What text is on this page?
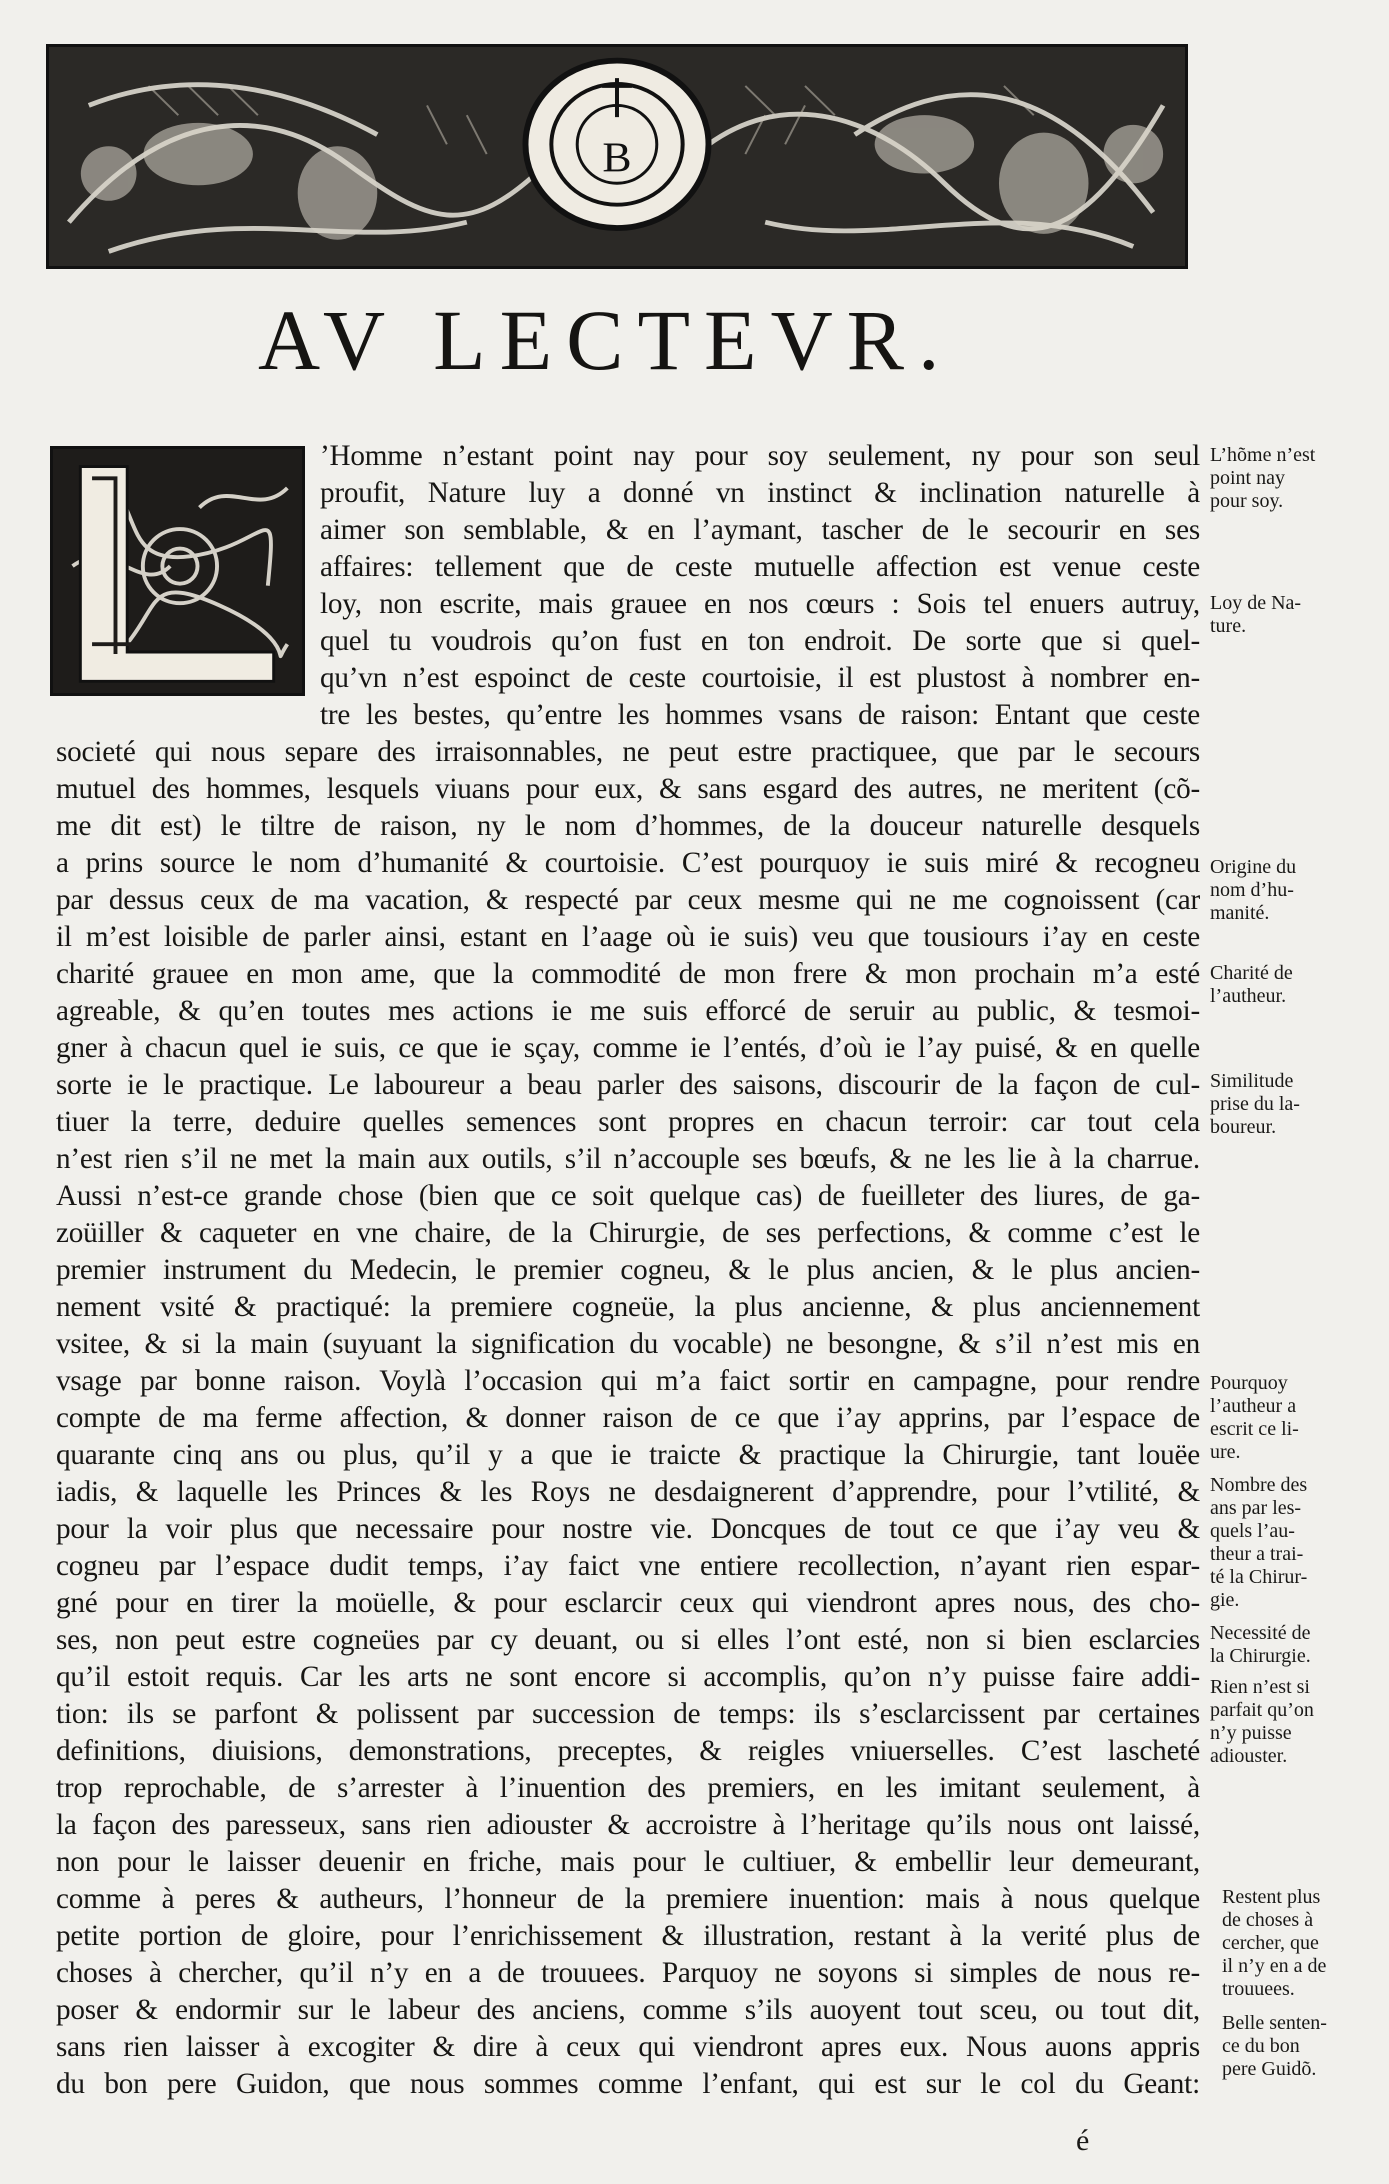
B
AV LECTEVR.
’Homme n’estant point nay pour soy seulement, ny pour son seul
proufit, Nature luy a donné vn instinct & inclination naturelle à
aimer son semblable, & en l’aymant, tascher de le secourir en ses
affaires: tellement que de ceste mutuelle affection est venue ceste
loy, non escrite, mais grauee en nos cœurs : Sois tel enuers autruy,
quel tu voudrois qu’on fust en ton endroit. De sorte que si quel-
qu’vn n’est espoinct de ceste courtoisie, il est plustost à nombrer en-
tre les bestes, qu’entre les hommes vsans de raison: Entant que ceste
societé qui nous separe des irraisonnables, ne peut estre practiquee, que par le secours
mutuel des hommes, lesquels viuans pour eux, & sans esgard des autres, ne meritent (cõ-
me dit est) le tiltre de raison, ny le nom d’hommes, de la douceur naturelle desquels
a prins source le nom d’humanité & courtoisie. C’est pourquoy ie suis miré & recogneu
par dessus ceux de ma vacation, & respecté par ceux mesme qui ne me cognoissent (car
il m’est loisible de parler ainsi, estant en l’aage où ie suis) veu que tousiours i’ay en ceste
charité grauee en mon ame, que la commodité de mon frere & mon prochain m’a esté
agreable, & qu’en toutes mes actions ie me suis efforcé de seruir au public, & tesmoi-
gner à chacun quel ie suis, ce que ie sçay, comme ie l’entés, d’où ie l’ay puisé, & en quelle
sorte ie le practique. Le laboureur a beau parler des saisons, discourir de la façon de cul-
tiuer la terre, deduire quelles semences sont propres en chacun terroir: car tout cela
n’est rien s’il ne met la main aux outils, s’il n’accouple ses bœufs, & ne les lie à la charrue.
Aussi n’est-ce grande chose (bien que ce soit quelque cas) de fueilleter des liures, de ga-
zoüiller & caqueter en vne chaire, de la Chirurgie, de ses perfections, & comme c’est le
premier instrument du Medecin, le premier cogneu, & le plus ancien, & le plus ancien-
nement vsité & practiqué: la premiere cogneüe, la plus ancienne, & plus anciennement
vsitee, & si la main (suyuant la signification du vocable) ne besongne, & s’il n’est mis en
vsage par bonne raison. Voylà l’occasion qui m’a faict sortir en campagne, pour rendre
compte de ma ferme affection, & donner raison de ce que i’ay apprins, par l’espace de
quarante cinq ans ou plus, qu’il y a que ie traicte & practique la Chirurgie, tant louëe
iadis, & laquelle les Princes & les Roys ne desdaignerent d’apprendre, pour l’vtilité, &
pour la voir plus que necessaire pour nostre vie. Doncques de tout ce que i’ay veu &
cogneu par l’espace dudit temps, i’ay faict vne entiere recollection, n’ayant rien espar-
gné pour en tirer la moüelle, & pour esclarcir ceux qui viendront apres nous, des cho-
ses, non peut estre cogneües par cy deuant, ou si elles l’ont esté, non si bien esclarcies
qu’il estoit requis. Car les arts ne sont encore si accomplis, qu’on n’y puisse faire addi-
tion: ils se parfont & polissent par succession de temps: ils s’esclarcissent par certaines
definitions, diuisions, demonstrations, preceptes, & reigles vniuerselles. C’est lascheté
trop reprochable, de s’arrester à l’inuention des premiers, en les imitant seulement, à
la façon des paresseux, sans rien adiouster & accroistre à l’heritage qu’ils nous ont laissé,
non pour le laisser deuenir en friche, mais pour le cultiuer, & embellir leur demeurant,
comme à peres & autheurs, l’honneur de la premiere inuention: mais à nous quelque
petite portion de gloire, pour l’enrichissement & illustration, restant à la verité plus de
choses à chercher, qu’il n’y en a de trouuees. Parquoy ne soyons si simples de nous re-
poser & endormir sur le labeur des anciens, comme s’ils auoyent tout sceu, ou tout dit,
sans rien laisser à excogiter & dire à ceux qui viendront apres eux. Nous auons appris
du bon pere Guidon, que nous sommes comme l’enfant, qui est sur le col du Geant:
L’hõme n’est
point nay
pour soy.
Loy de Na-
ture.
Origine du
nom d’hu-
manité.
Charité de
l’autheur.
Similitude
prise du la-
boureur.
Pourquoy
l’autheur a
escrit ce li-
ure.
Nombre des
ans par les-
quels l’au-
theur a trai-
té la Chirur-
gie.
Necessité de
la Chirurgie.
Rien n’est si
parfait qu’on
n’y puisse
adiouster.
Restent plus
de choses à
cercher, que
il n’y en a de
trouuees.
Belle senten-
ce du bon
pere Guidõ.
é
